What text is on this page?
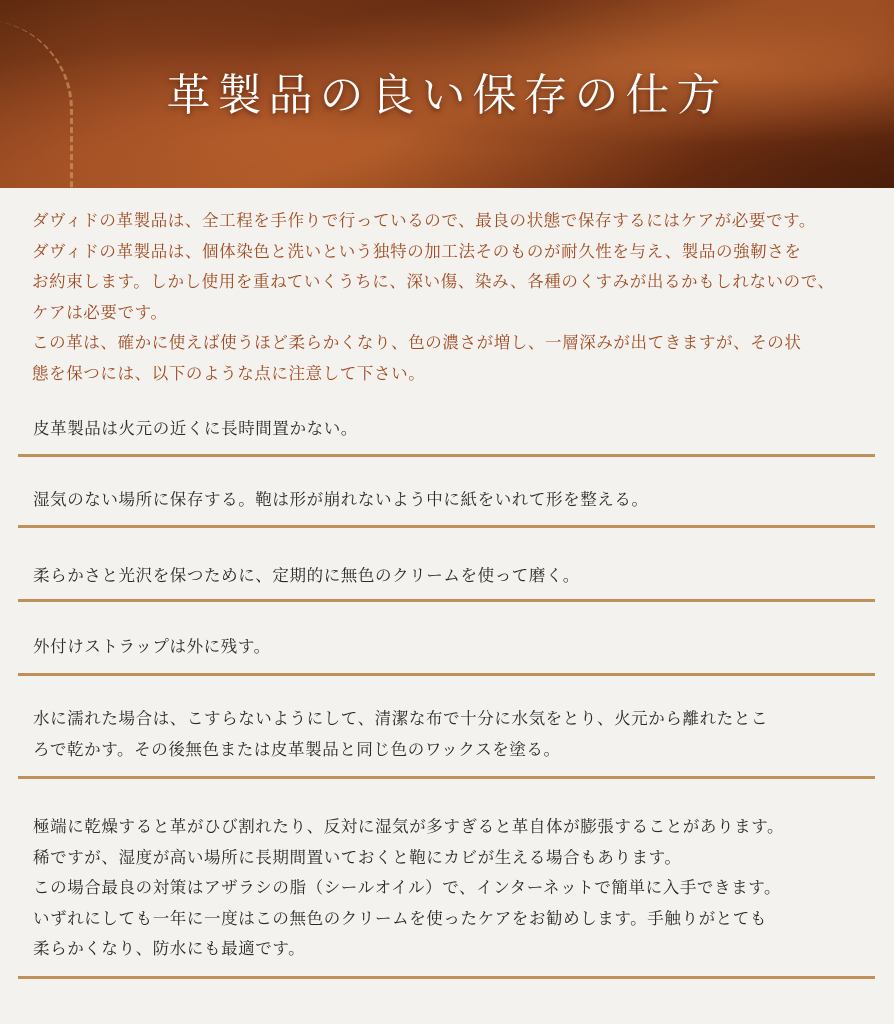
革製品の良い保存の仕方

ダヴィドの革製品は、全工程を手作りで行っているので、最良の状態で保存するにはケアが必要です。

ダヴィドの革製品は、個体染色と洗いという独特の加工法そのものが耐久性を与え、製品の強靭さを

お約束します。しかし使用を重ねていくうちに、深い傷、染み、各種のくすみが出るかもしれないので、

ケアは必要です。

この革は、確かに使えば使うほど柔らかくなり、色の濃さが増し、一層深みが出てきますが、その状

態を保つには、以下のような点に注意して下さい。

皮革製品は火元の近くに長時間置かない。

湿気のない場所に保存する。鞄は形が崩れないよう中に紙をいれて形を整える。

柔らかさと光沢を保つために、定期的に無色のクリームを使って磨く。

外付けストラップは外に残す。

水に濡れた場合は、こすらないようにして、清潔な布で十分に水気をとり、火元から離れたとこ

ろで乾かす。その後無色または皮革製品と同じ色のワックスを塗る。

極端に乾燥すると革がひび割れたり、反対に湿気が多すぎると革自体が膨張することがあります。

稀ですが、湿度が高い場所に長期間置いておくと鞄にカビが生える場合もあります。

この場合最良の対策はアザラシの脂（シールオイル）で、インターネットで簡単に入手できます。

いずれにしても一年に一度はこの無色のクリームを使ったケアをお勧めします。手触りがとても

柔らかくなり、防水にも最適です。
